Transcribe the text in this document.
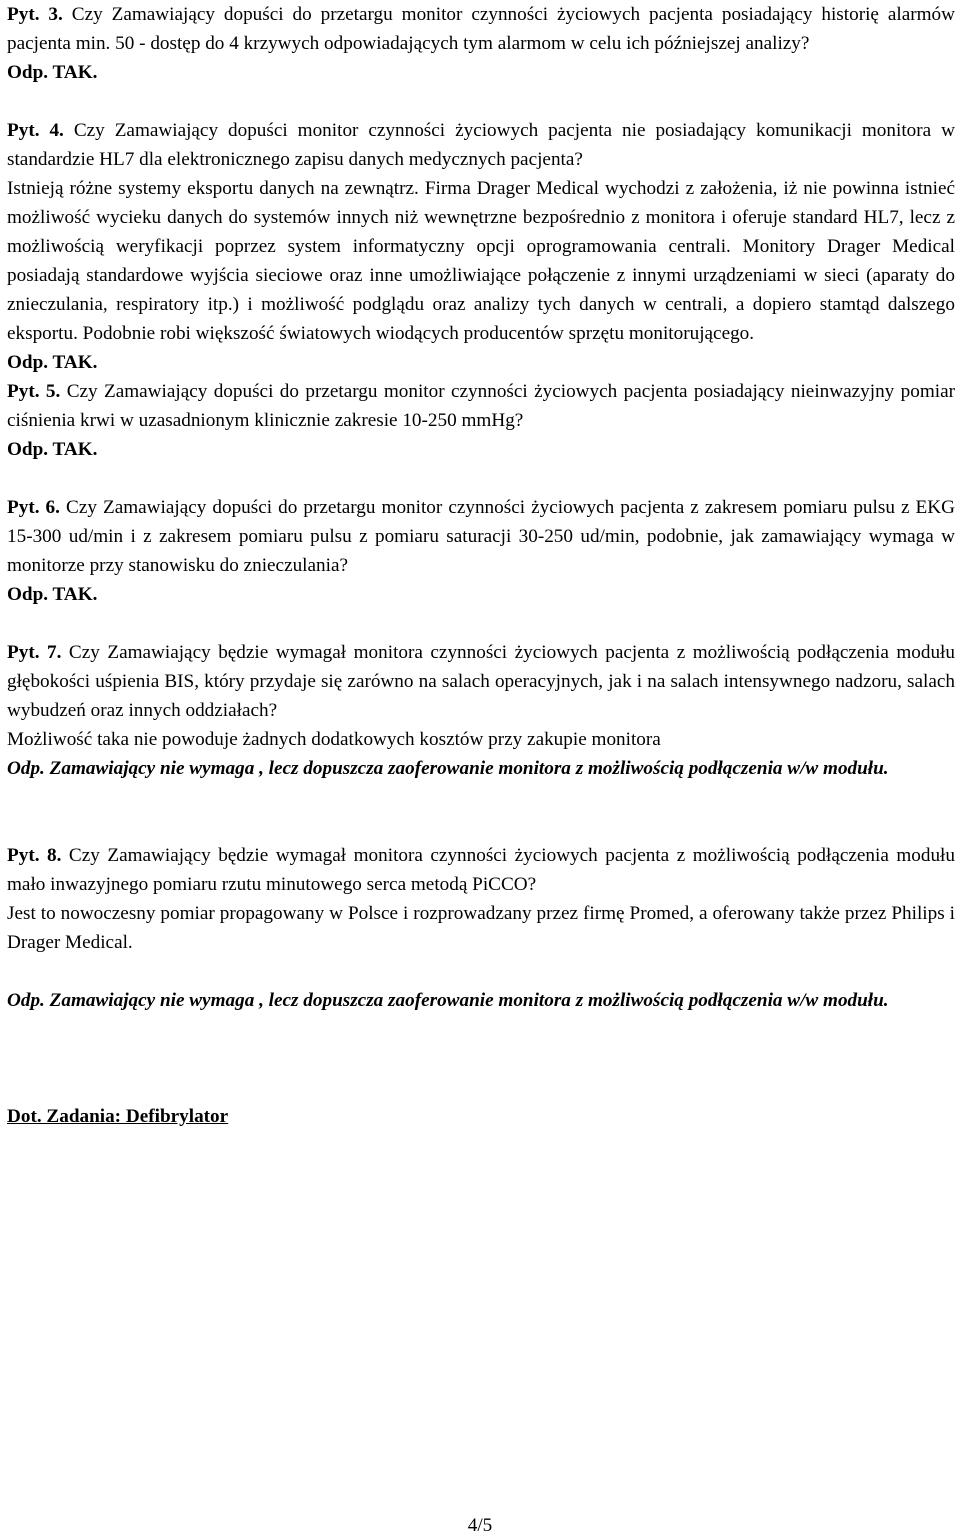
Pyt. 3. Czy Zamawiający dopuści do przetargu monitor czynności życiowych pacjenta posiadający historię alarmów pacjenta min. 50 - dostęp do 4 krzywych odpowiadających tym alarmom w celu ich późniejszej analizy?

Odp. TAK.

Pyt. 4. Czy Zamawiający dopuści monitor czynności życiowych pacjenta nie posiadający komunikacji monitora w standardzie HL7 dla elektronicznego zapisu danych medycznych pacjenta?

Istnieją różne systemy eksportu danych na zewnątrz. Firma Drager Medical wychodzi z założenia, iż nie powinna istnieć możliwość wycieku danych do systemów innych niż wewnętrzne bezpośrednio z monitora i oferuje standard HL7, lecz z możliwością weryfikacji poprzez system informatyczny opcji oprogramowania centrali. Monitory Drager Medical posiadają standardowe wyjścia sieciowe oraz inne umożliwiające połączenie z innymi urządzeniami w sieci (aparaty do znieczulania, respiratory itp.) i możliwość podglądu oraz analizy tych danych w centrali, a dopiero stamtąd dalszego eksportu. Podobnie robi większość światowych wiodących producentów sprzętu monitorującego.

Odp. TAK.

Pyt. 5. Czy Zamawiający dopuści do przetargu monitor czynności życiowych pacjenta posiadający nieinwazyjny pomiar ciśnienia krwi w uzasadnionym klinicznie zakresie 10-250 mmHg?

Odp. TAK.

Pyt. 6. Czy Zamawiający dopuści do przetargu monitor czynności życiowych pacjenta z zakresem pomiaru pulsu z EKG 15-300 ud/min i z zakresem pomiaru pulsu z pomiaru saturacji 30-250 ud/min, podobnie, jak zamawiający wymaga w monitorze przy stanowisku do znieczulania?

Odp. TAK.

Pyt. 7. Czy Zamawiający będzie wymagał monitora czynności życiowych pacjenta z możliwością podłączenia modułu głębokości uśpienia BIS, który przydaje się zarówno na salach operacyjnych, jak i na salach intensywnego nadzoru, salach wybudzeń oraz innych oddziałach?

Możliwość taka nie powoduje żadnych dodatkowych kosztów przy zakupie monitora

Odp. Zamawiający nie wymaga , lecz dopuszcza zaoferowanie monitora z możliwością podłączenia w/w modułu.

Pyt. 8. Czy Zamawiający będzie wymagał monitora czynności życiowych pacjenta z możliwością podłączenia modułu mało inwazyjnego pomiaru rzutu minutowego serca metodą PiCCO?

Jest to nowoczesny pomiar propagowany w Polsce i rozprowadzany przez firmę Promed, a oferowany także przez Philips i Drager Medical.

Odp. Zamawiający nie wymaga , lecz dopuszcza zaoferowanie monitora z możliwością podłączenia w/w modułu.

Dot. Zadania: Defibrylator

4/5
